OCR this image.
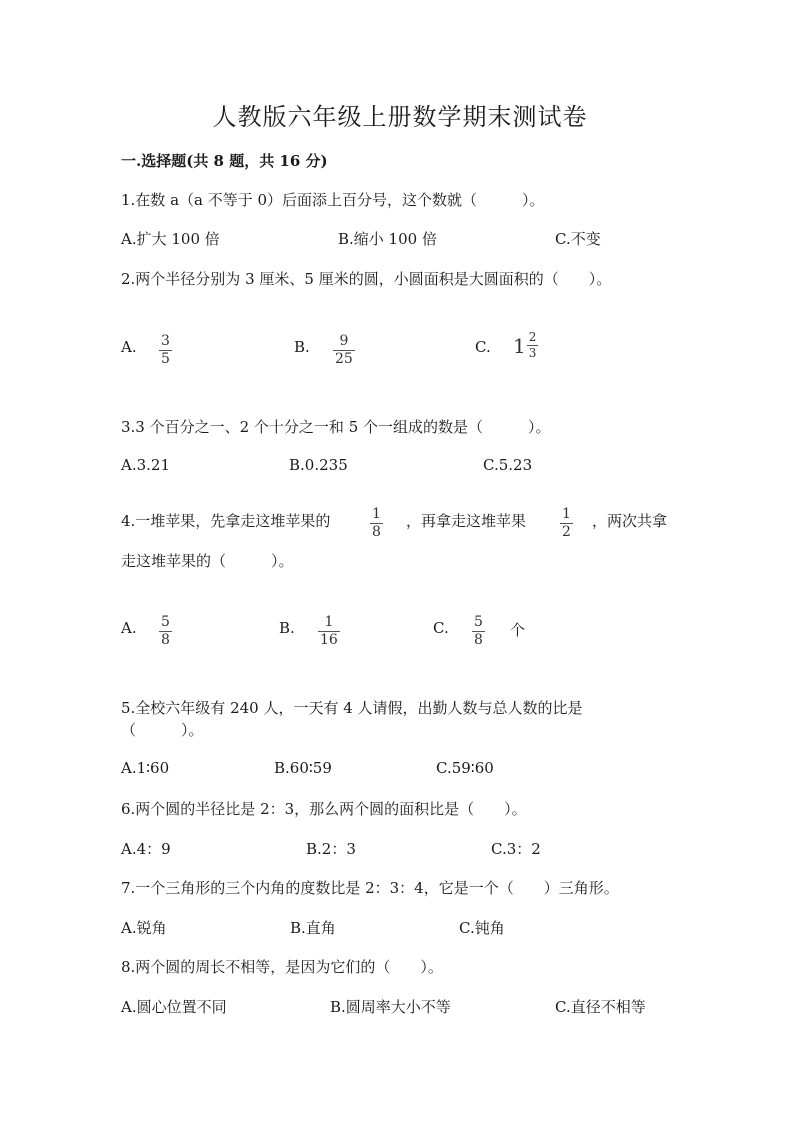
人教版六年级上册数学期末测试卷
一.选择题(共 8 题，共 16 分)
1.在数 a（a 不等于 0）后面添上百分号，这个数就（　　　）。
A.扩大 100 倍	B.缩小 100 倍	C.不变
2.两个半径分别为 3 厘米、5 厘米的圆，小圆面积是大圆面积的（　　）。
A. $\frac{3}{5}$	B. $\frac{9}{25}$	C. $1 \frac{2}{3}$
3.3 个百分之一、2 个十分之一和 5 个一组成的数是（　　　）。
A.3.21	B.0.235	C.5.23
4.一堆苹果，先拿走这堆苹果的	$\frac{1}{8}$ ，再拿走这堆苹果 $\frac{1}{2}$ ，两次共拿
走这堆苹果的（　　　）。
A. $\frac{5}{8}$	B. $\frac{1}{16}$	C. $\frac{5}{8}$ 个
5.全校六年级有 240 人，一天有 4 人请假，出勤人数与总人数的比是
（　　　）。
A.1∶60	B.60∶59	C.59∶60
6.两个圆的半径比是 2：3，那么两个圆的面积比是（　　）。
A.4：9	B.2：3	C.3：2
7.一个三角形的三个内角的度数比是 2：3：4，它是一个（　　）三角形。
A.锐角	B.直角	C.钝角
8.两个圆的周长不相等，是因为它们的（　　）。
A.圆心位置不同	B.圆周率大小不等	C.直径不相等
